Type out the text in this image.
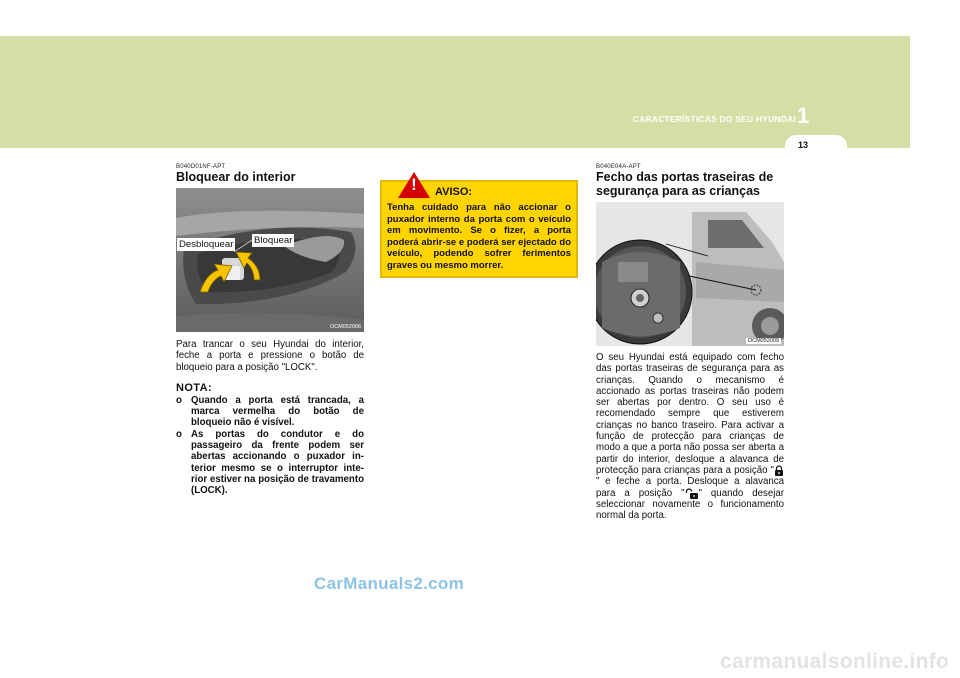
CARACTERÍSTICAS DO SEU HYUNDAI 1
13
B040D01NF-APT
Bloquear do interior
Desbloquear Bloquear
OCM052006
Para trancar o seu Hyundai do interior, feche a porta e pressione o botão de bloqueio para a posição "LOCK".
NOTA:
o Quando a porta está trancada, a marca vermelha do botão de bloqueio não é visível.
o As portas do condutor e do passageiro da frente podem ser abertas accionando o puxador in- terior mesmo se o interruptor inte- rior estiver na posição de travamento (LOCK).
!	AVISO:
Tenha cuidado para não accionar o puxador interno da porta com o veículo em movimento. Se o fizer, a porta poderá abrir-se e poderá ser ejectado do veículo, podendo sofrer ferimentos graves ou mesmo morrer.
B040E04A-APT
Fecho das portas traseiras de segurança para as crianças
OCM052009
O seu Hyundai está equipado com fecho das portas traseiras de segurança para as crianças. Quando o mecanismo é accionado as portas traseiras não podem ser abertas por dentro. O seu uso é recomendado sempre que estiverem crianças no banco traseiro. Para activar a função de protecção para crianças de modo a que a porta não possa ser aberta a partir do interior, desloque a alavanca de protecção para crianças para a posição "" e feche a porta. Desloque a alavanca para a posição " " quando desejar seleccionar novamente o funcionamento normal da porta.
CarManuals2.com
carmanualsonline.info
